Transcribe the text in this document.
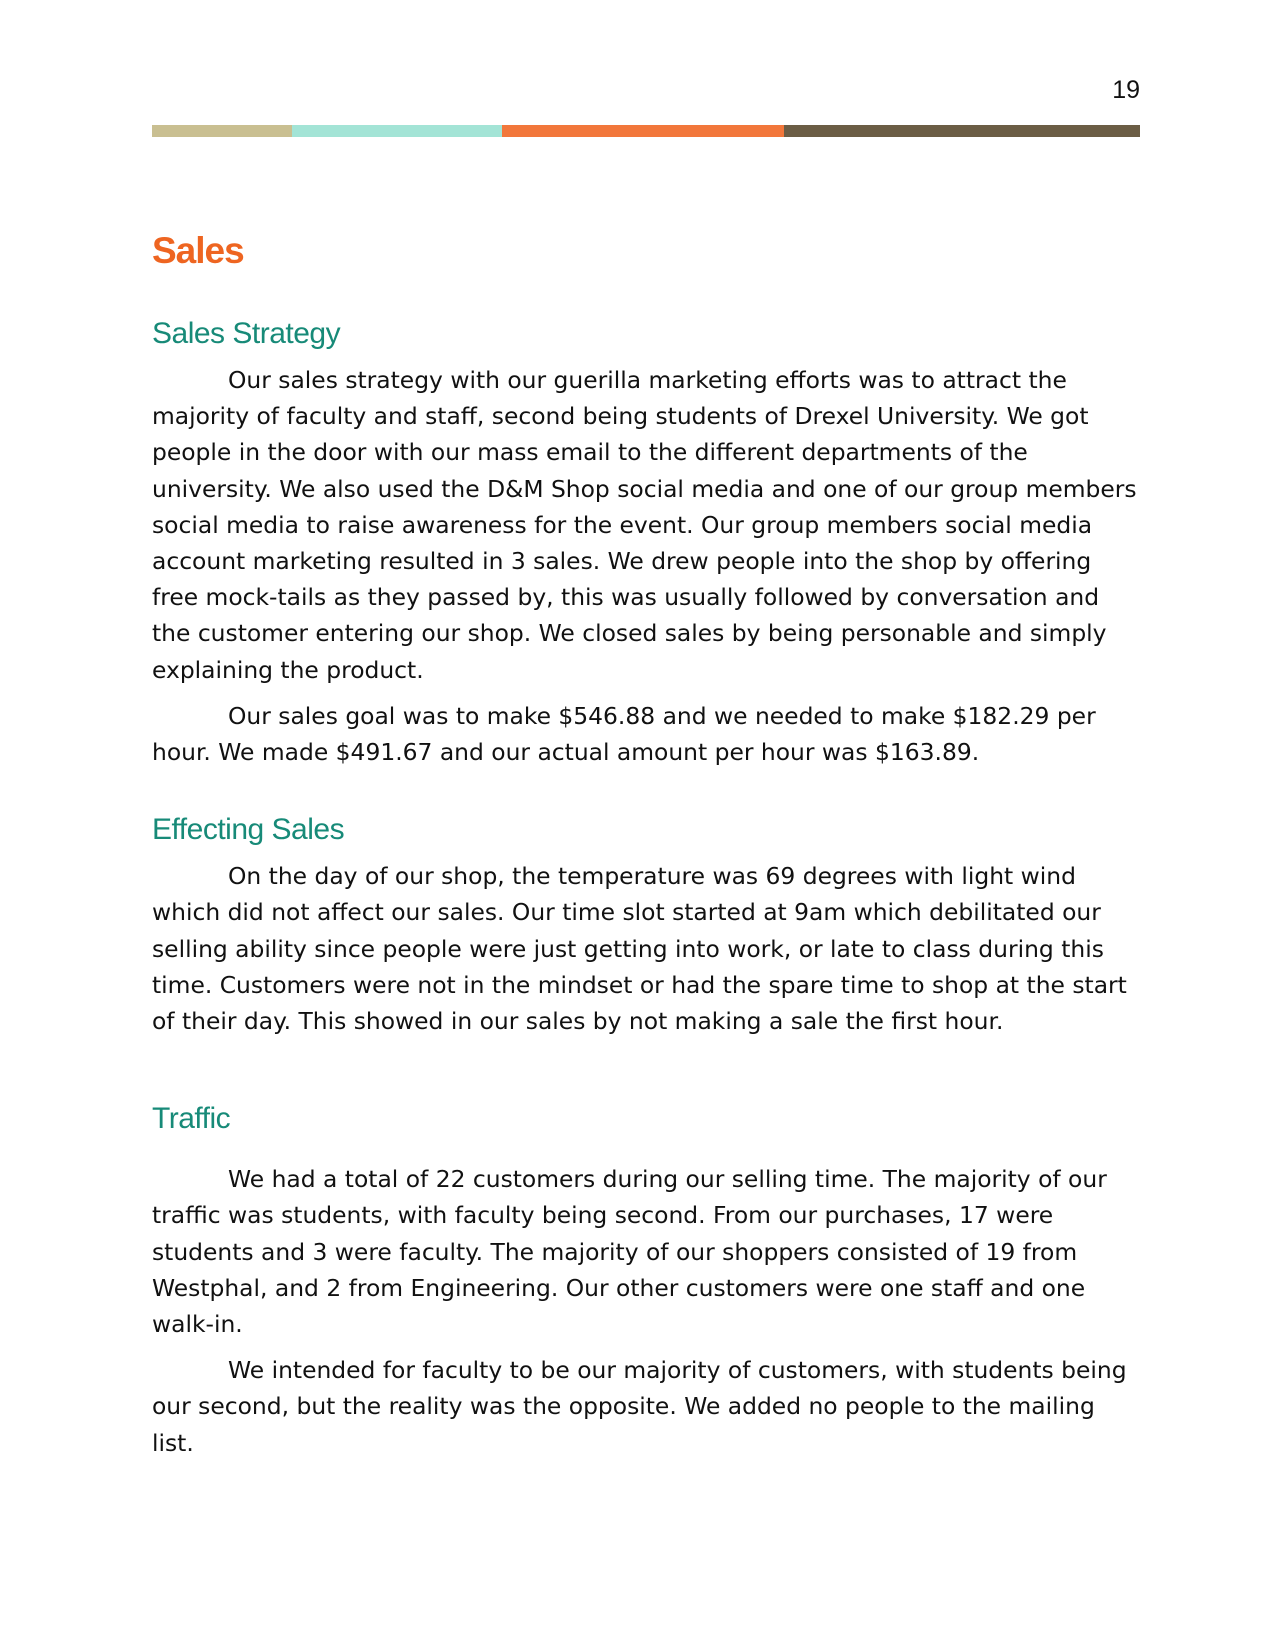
19
Sales
Sales Strategy

Our sales strategy with our guerilla marketing efforts was to attract the majority of faculty and staff, second being students of Drexel University. We got people in the door with our mass email to the different departments of the university. We also used the D&M Shop social media and one of our group members social media to raise awareness for the event. Our group members social media account marketing resulted in 3 sales. We drew people into the shop by offering free mock-tails as they passed by, this was usually followed by conversation and the customer entering our shop. We closed sales by being personable and simply explaining the product.

Our sales goal was to make $546.88 and we needed to make $182.29 per hour. We made $491.67 and our actual amount per hour was $163.89.

Effecting Sales

On the day of our shop, the temperature was 69 degrees with light wind which did not affect our sales. Our time slot started at 9am which debilitated our selling ability since people were just getting into work, or late to class during this time. Customers were not in the mindset or had the spare time to shop at the start of their day. This showed in our sales by not making a sale the first hour.

Traffic

We had a total of 22 customers during our selling time. The majority of our traffic was students, with faculty being second. From our purchases, 17 were students and 3 were faculty. The majority of our shoppers consisted of 19 from Westphal, and 2 from Engineering. Our other customers were one staff and one walk-in.

We intended for faculty to be our majority of customers, with students being our second, but the reality was the opposite. We added no people to the mailing list.
